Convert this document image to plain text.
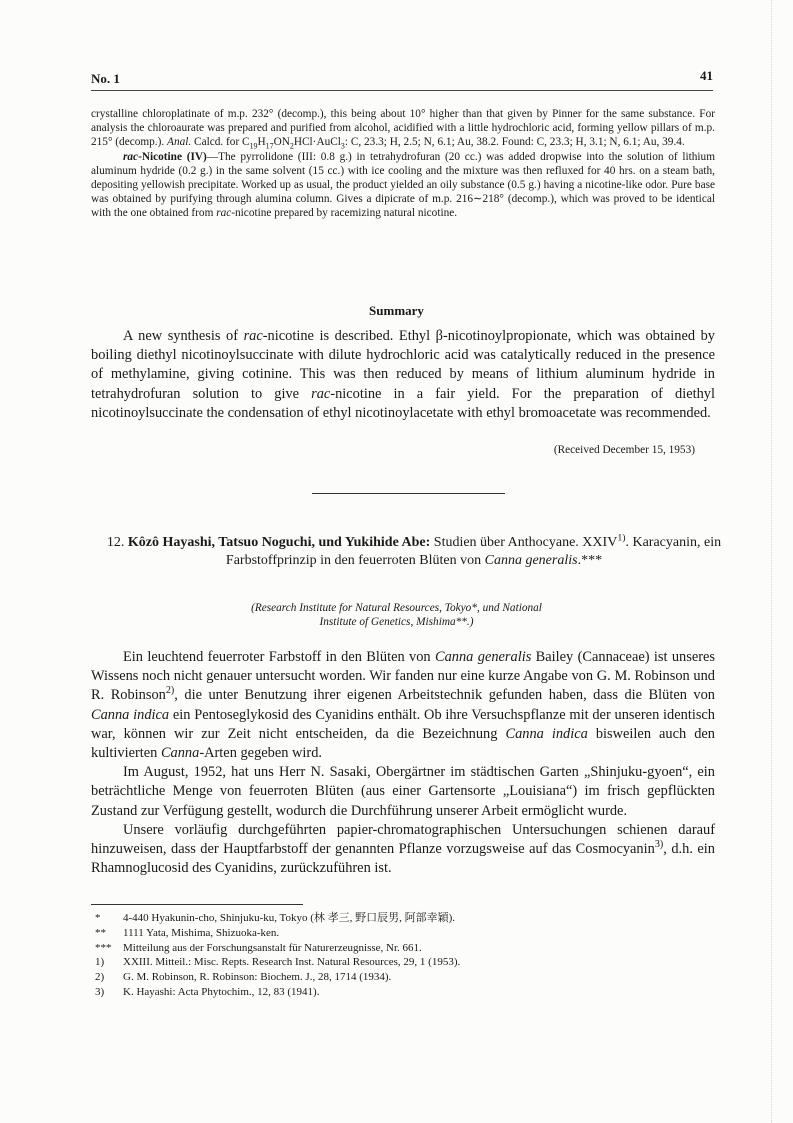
No. 1	41

crystalline chloroplatinate of m.p. 232° (decomp.), this being about 10° higher than that given by Pinner for the same substance. For analysis the chloroaurate was prepared and purified from alcohol, acidified with a little hydrochloric acid, forming yellow pillars of m.p. 215° (decomp.). Anal. Calcd. for $C_{19}H_{17}ON_2HCl\cdot AuCl_3$: C, 23.3; H, 2.5; N, 6.1; Au, 38.2. Found: C, 23.3; H, 3.1; N, 6.1; Au, 39.4.

rac-Nicotine (IV)—The pyrrolidone (III: 0.8 g.) in tetrahydrofuran (20 cc.) was added dropwise into the solution of lithium aluminum hydride (0.2 g.) in the same solvent (15 cc.) with ice cooling and the mixture was then refluxed for 40 hrs. on a steam bath, depositing yellowish precipitate. Worked up as usual, the product yielded an oily substance (0.5 g.) having a nicotine-like odor. Pure base was obtained by purifying through alumina column. Gives a dipicrate of m.p. 216∼218° (decomp.), which was proved to be identical with the one obtained from rac-nicotine prepared by racemizing natural nicotine.

Summary
A new synthesis of rac-nicotine is described. Ethyl β-nicotinoylpropionate, which was obtained by boiling diethyl nicotinoylsuccinate with dilute hydrochloric acid was catalytically reduced in the presence of methylamine, giving cotinine. This was then reduced by means of lithium aluminum hydride in tetrahydrofuran solution to give rac-nicotine in a fair yield. For the preparation of diethyl nicotinoylsuccinate the condensation of ethyl nicotinoylacetate with ethyl bromoacetate was recommended.
(Received December 15, 1953)
12. Kôzô Hayashi, Tatsuo Noguchi, und Yukihide Abe: Studien über Anthocyane. XXIV$^{1)}$. Karacyanin, ein Farbstoffprinzip in den feuerroten Blüten von Canna generalis.***
(Research Institute for Natural Resources, Tokyo*, und National
Institute of Genetics, Mishima**.)

Ein leuchtend feuerroter Farbstoff in den Blüten von Canna generalis Bailey (Cannaceae) ist unseres Wissens noch nicht genauer untersucht worden. Wir fanden nur eine kurze Angabe von G. M. Robinson und R. Robinson$^{2)}$, die unter Benutzung ihrer eigenen Arbeitstechnik gefunden haben, dass die Blüten von Canna indica ein Pentoseglykosid des Cyanidins enthält. Ob ihre Versuchspflanze mit der unseren identisch war, können wir zur Zeit nicht entscheiden, da die Bezeichnung Canna indica bisweilen auch den kultivierten Canna-Arten gegeben wird.

Im August, 1952, hat uns Herr N. Sasaki, Obergärtner im städtischen Garten „Shinjuku-gyoen“, ein beträchtliche Menge von feuerroten Blüten (aus einer Gartensorte „Louisiana“) im frisch gepflückten Zustand zur Verfügung gestellt, wodurch die Durchführung unserer Arbeit ermöglicht wurde.

Unsere vorläufig durchgeführten papier-chromatographischen Untersuchungen schienen darauf hinzuweisen, dass der Hauptfarbstoff der genannten Pflanze vorzugsweise auf das Cosmocyanin$^{3)}$, d.h. ein Rhamnoglucosid des Cyanidins, zurückzuführen ist.

* 4-440 Hyakunin-cho, Shinjuku-ku, Tokyo (林 孝三, 野口辰男, 阿部幸穎).
** 1111 Yata, Mishima, Shizuoka-ken.
*** Mitteilung aus der Forschungsanstalt für Naturerzeugnisse, Nr. 661.
1) XXIII. Mitteil.: Misc. Repts. Research Inst. Natural Resources, 29, 1 (1953).
2) G. M. Robinson, R. Robinson: Biochem. J., 28, 1714 (1934).
3) K. Hayashi: Acta Phytochim., 12, 83 (1941).
